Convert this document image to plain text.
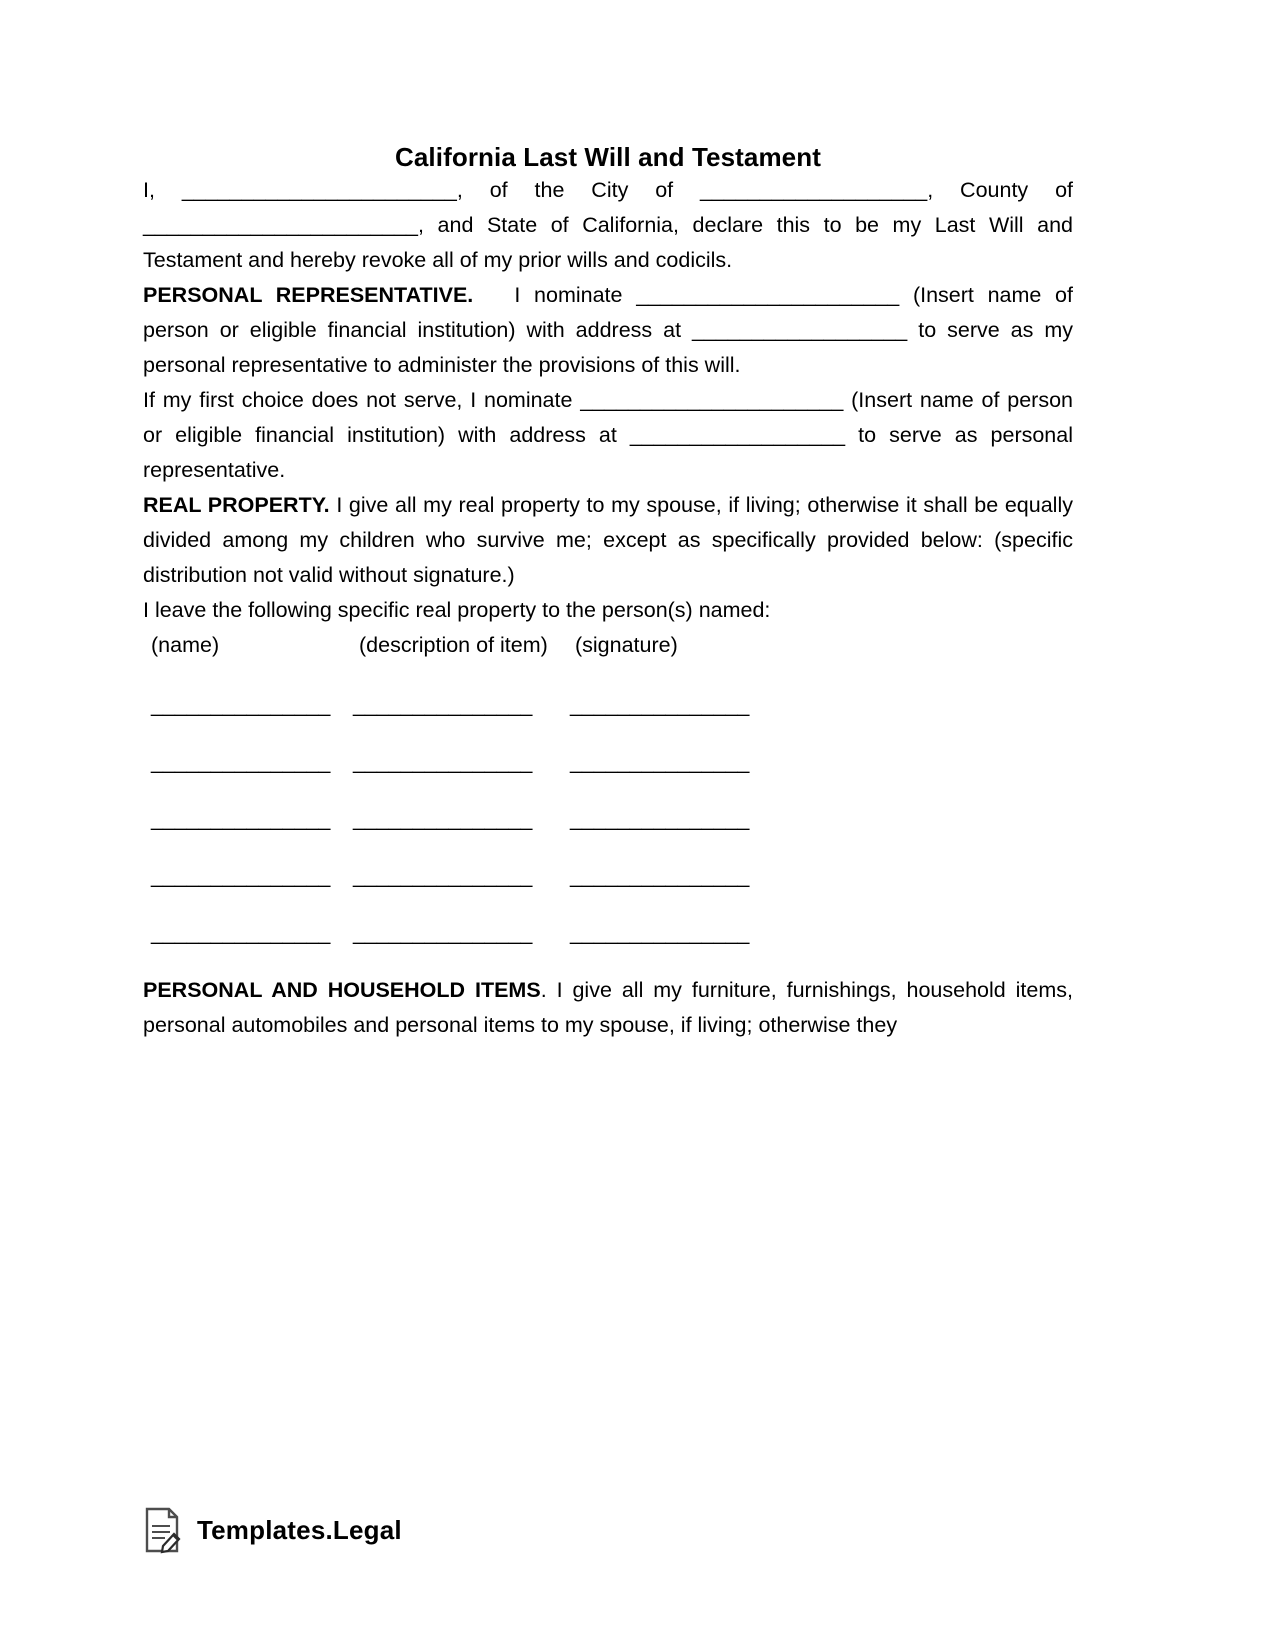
California Last Will and Testament

I, _______________________, of the City of ___________________, County of _______________________, and State of California, declare this to be my Last Will and Testament and hereby revoke all of my prior wills and codicils.

PERSONAL REPRESENTATIVE. I nominate ______________________ (Insert name of person or eligible financial institution) with address at __________________ to serve as my personal representative to administer the provisions of this will.

If my first choice does not serve, I nominate ______________________ (Insert name of person or eligible financial institution) with address at __________________ to serve as personal representative.

REAL PROPERTY. I give all my real property to my spouse, if living; otherwise it shall be equally divided among my children who survive me; except as specifically provided below: (specific distribution not valid without signature.)

I leave the following specific real property to the person(s) named:

(name)	(description of item) (signature)
_______________ _______________ _______________
_______________ _______________ _______________
_______________ _______________ _______________
_______________ _______________ _______________
_______________ _______________ _______________

PERSONAL AND HOUSEHOLD ITEMS. I give all my furniture, furnishings, household items, personal automobiles and personal items to my spouse, if living; otherwise they

Templates.Legal
